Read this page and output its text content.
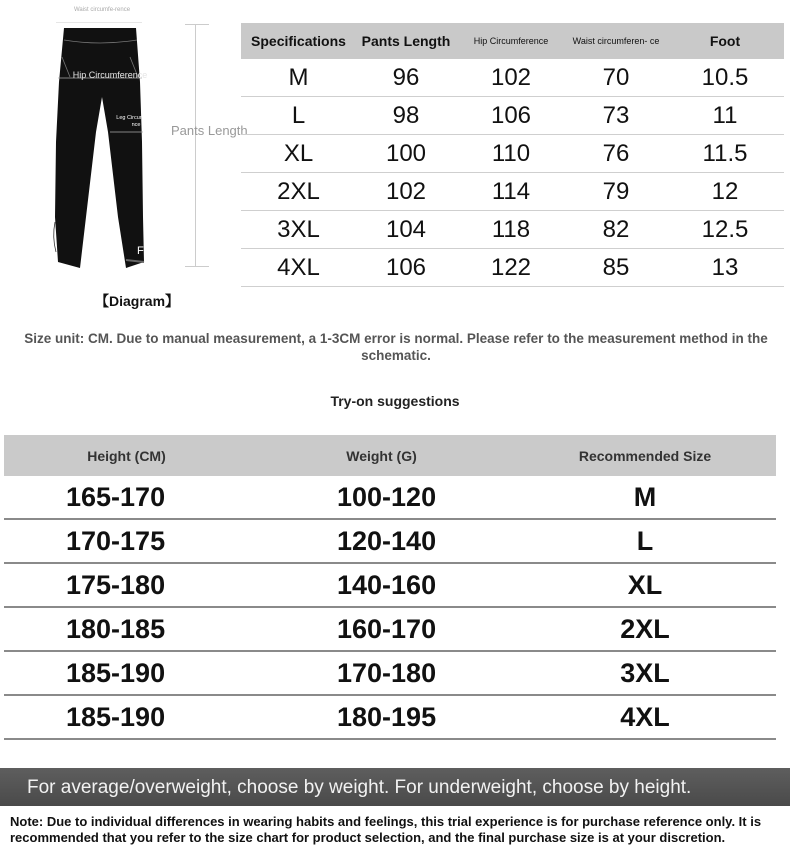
Waist circumfe-rence
Hip Circumference
Leg Circumfere-nce
Foot
Pants Length
【Diagram】
Specifications	Pants Length	Hip Circumference	Waist circumferen- ce	Foot
M	96	102	70	10.5
L	98	106	73	11
XL	100	110	76	11.5
2XL	102	114	79	12
3XL	104	118	82	12.5
4XL	106	122	85	13
Size unit: CM. Due to manual measurement, a 1-3CM error is normal. Please refer to the measurement method in the schematic.
Try-on suggestions
Height (CM)	Weight (G)	Recommended Size
165-170	100-120	M
170-175	120-140	L
175-180	140-160	XL
180-185	160-170	2XL
185-190	170-180	3XL
185-190	180-195	4XL
For average/overweight, choose by weight. For underweight, choose by height.
Note: Due to individual differences in wearing habits and feelings, this trial experience is for purchase reference only. It is recommended that you refer to the size chart for product selection, and the final purchase size is at your discretion.
